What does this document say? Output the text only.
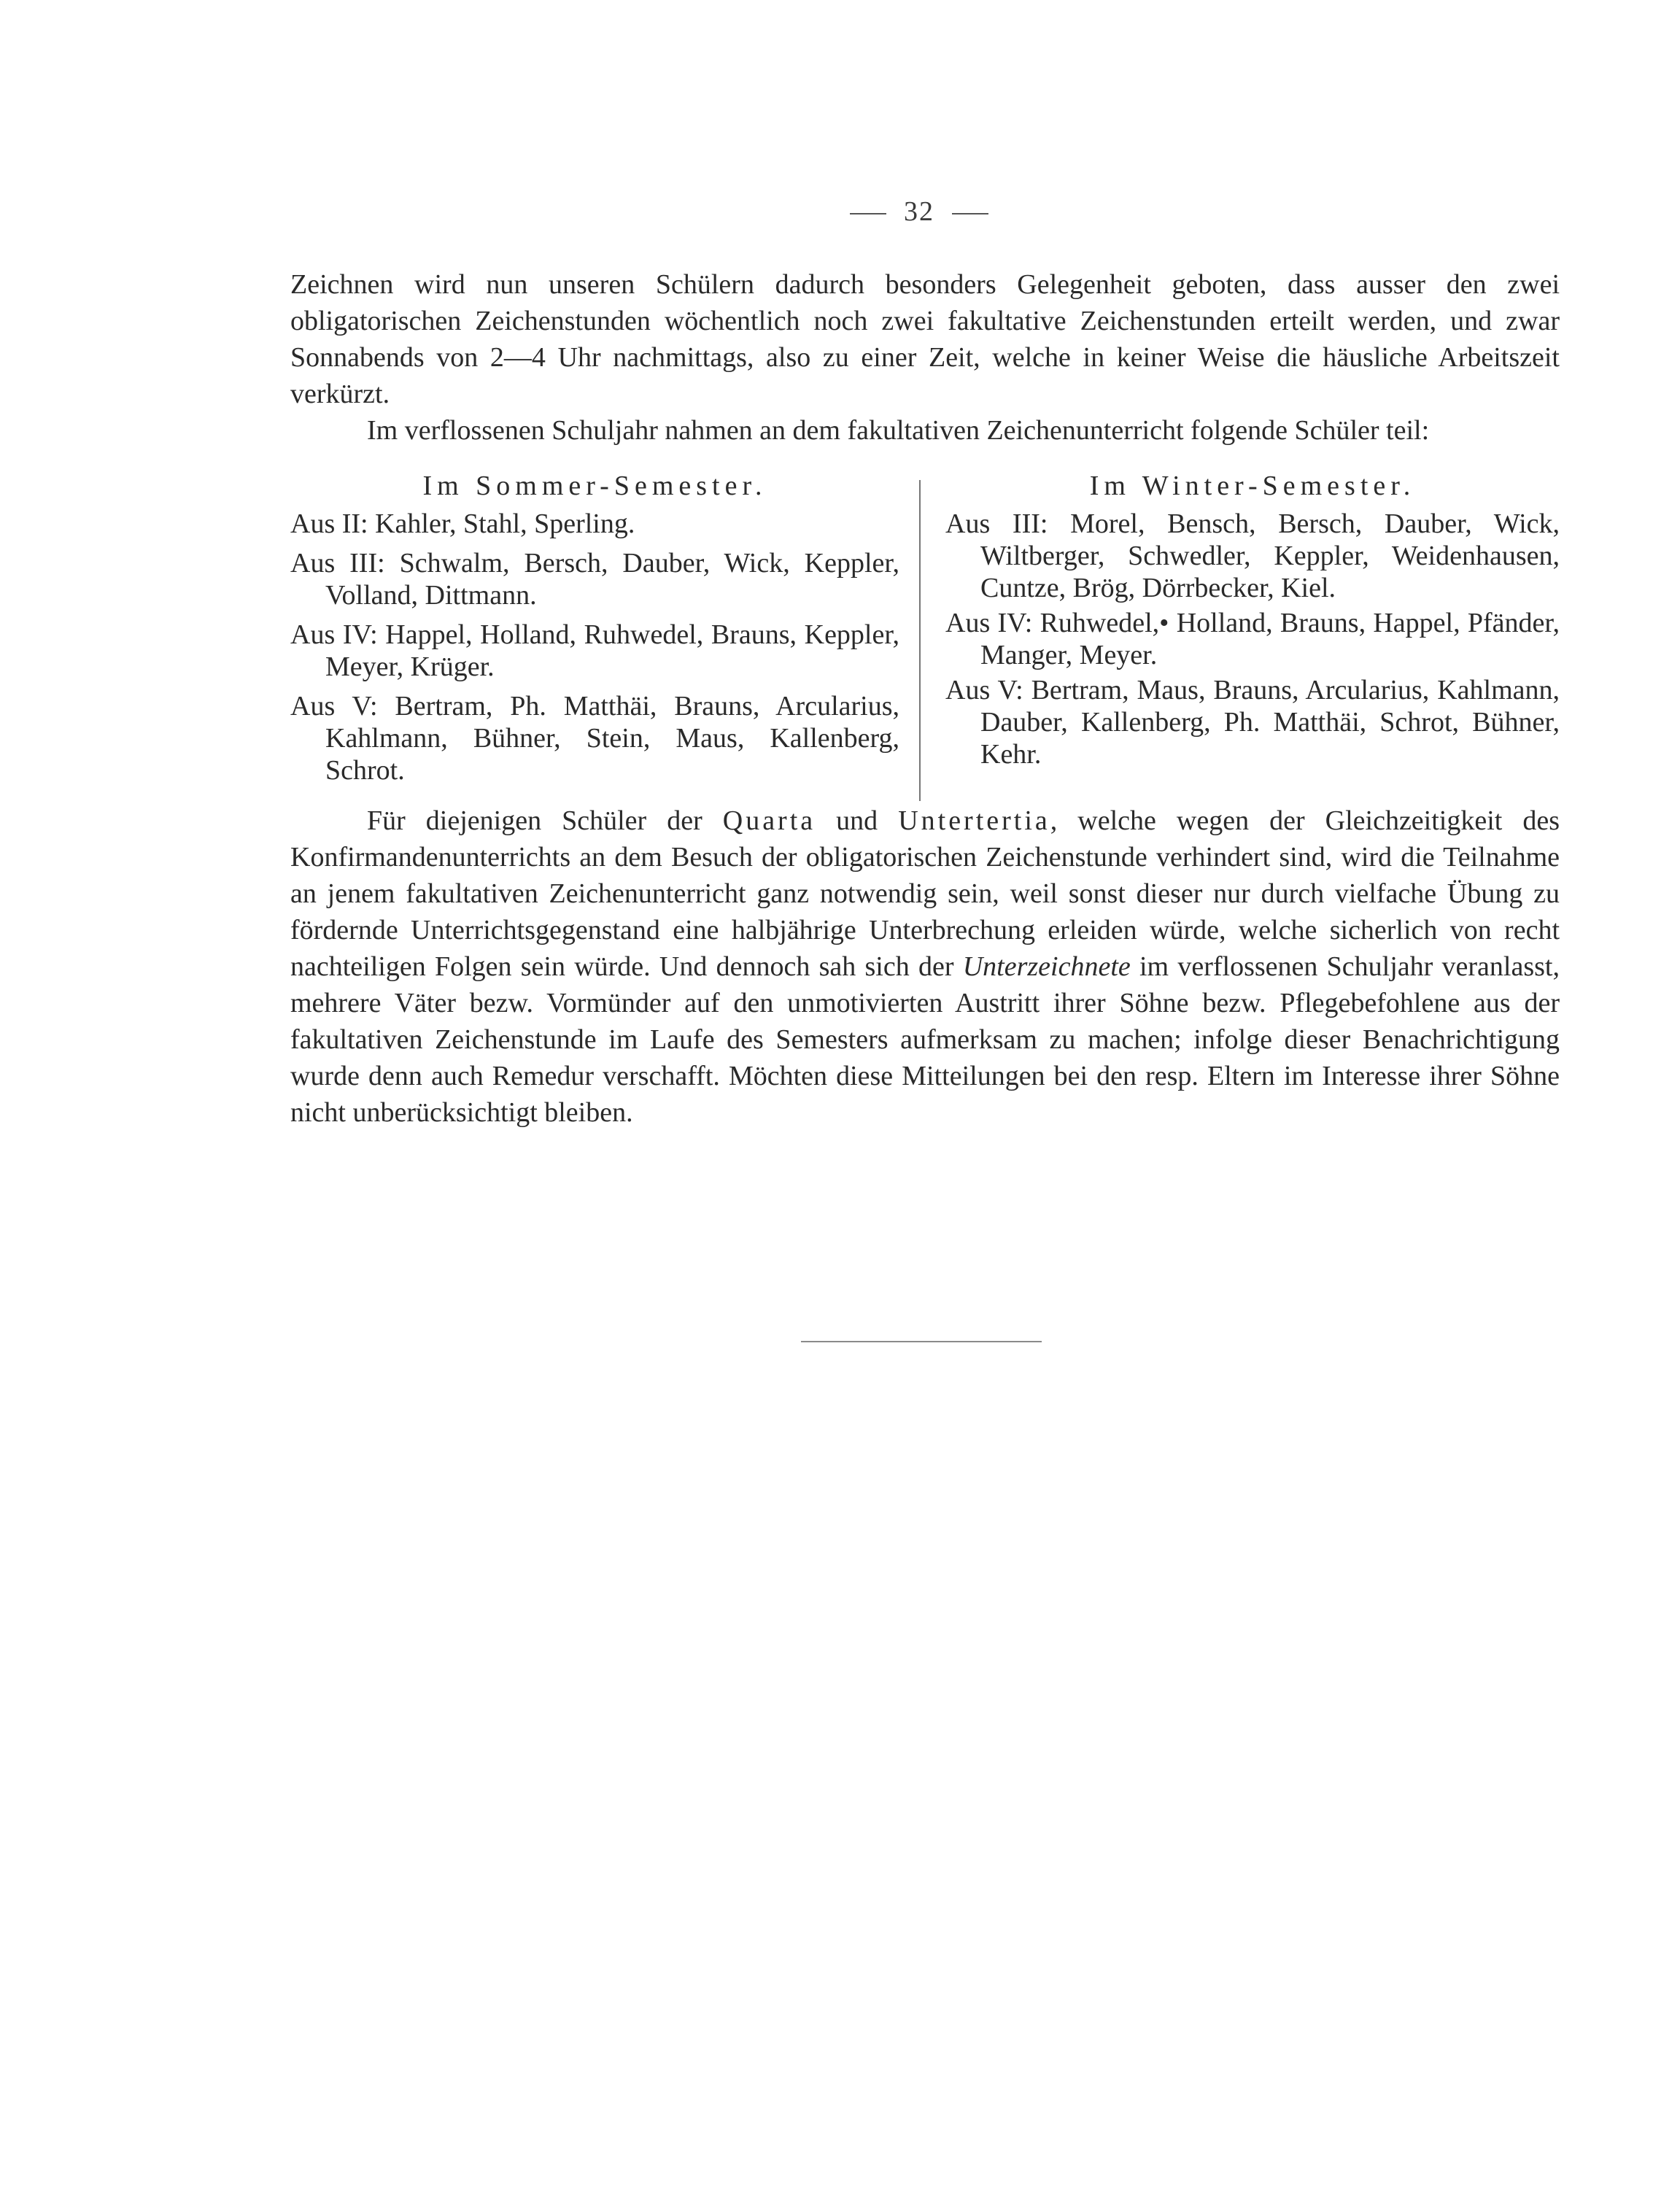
32

Zeichnen wird nun unseren Schülern dadurch besonders Gelegenheit geboten, dass ausser den zwei obligatorischen Zeichenstunden wöchentlich noch zwei fakultative Zeichenstunden erteilt werden, und zwar Sonnabends von 2—4 Uhr nachmittags, also zu einer Zeit, welche in keiner Weise die häusliche Arbeitszeit verkürzt.

Im verflossenen Schuljahr nahmen an dem fakultativen Zeichenunterricht folgende Schüler teil:

Im Sommer-Semester.

Aus II: Kahler, Stahl, Sperling.

Aus III: Schwalm, Bersch, Dauber, Wick, Keppler, Volland, Dittmann.

Aus IV: Happel, Holland, Ruhwedel, Brauns, Keppler, Meyer, Krüger.

Aus V: Bertram, Ph. Matthäi, Brauns, Arcularius, Kahlmann, Bühner, Stein, Maus, Kallenberg, Schrot.

Im Winter-Semester.

Aus III: Morel, Bensch, Bersch, Dauber, Wick, Wiltberger, Schwedler, Keppler, Weidenhausen, Cuntze, Brög, Dörrbecker, Kiel.

Aus IV: Ruhwedel,• Holland, Brauns, Happel, Pfänder, Manger, Meyer.

Aus V: Bertram, Maus, Brauns, Arcularius, Kahlmann, Dauber, Kallenberg, Ph. Matthäi, Schrot, Bühner, Kehr.

Für diejenigen Schüler der Quarta und Untertertia, welche wegen der Gleichzeitigkeit des Konfirmandenunterrichts an dem Besuch der obligatorischen Zeichenstunde verhindert sind, wird die Teilnahme an jenem fakultativen Zeichenunterricht ganz notwendig sein, weil sonst dieser nur durch vielfache Übung zu fördernde Unterrichtsgegenstand eine halbjährige Unterbrechung erleiden würde, welche sicherlich von recht nachteiligen Folgen sein würde. Und dennoch sah sich der Unterzeichnete im verflossenen Schuljahr veranlasst, mehrere Väter bezw. Vormünder auf den unmotivierten Austritt ihrer Söhne bezw. Pflegebefohlene aus der fakultativen Zeichenstunde im Laufe des Semesters aufmerksam zu machen; infolge dieser Benachrichtigung wurde denn auch Remedur verschafft. Möchten diese Mitteilungen bei den resp. Eltern im Interesse ihrer Söhne nicht unberücksichtigt bleiben.
